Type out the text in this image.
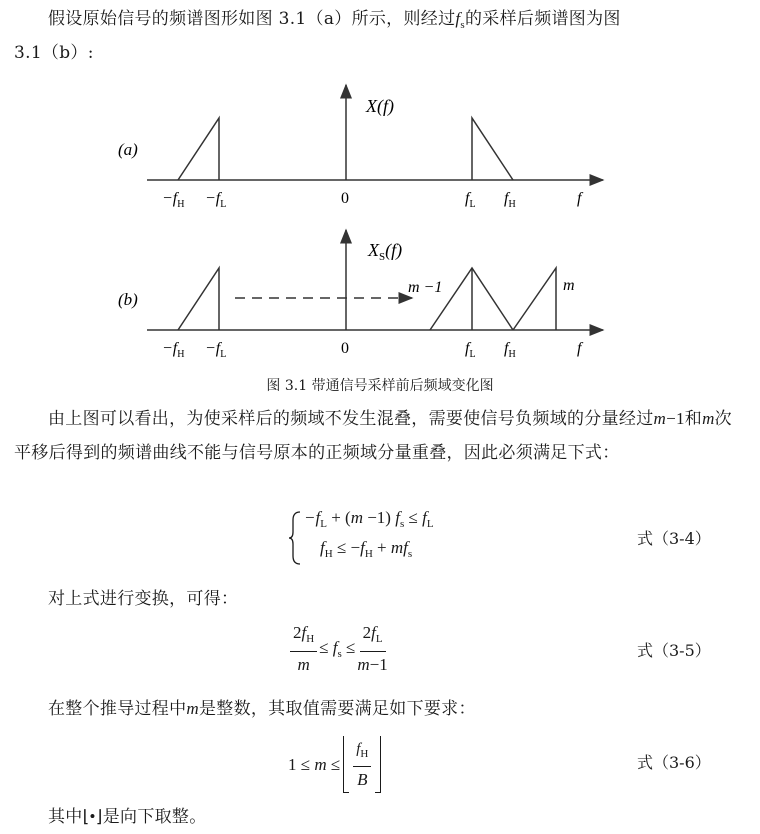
假设原始信号的频谱图形如图 3.1（a）所示，则经过$f_s$的采样后频谱图为图

3.1（b）:
X(f)
(a)
$-f_H -f_L$	0	$f_L$ $f_H$	f
$X_S(f)$
(b)
m −1	m
$-f_H -f_L$	0	$f_L$ $f_H$	f
图 3.1 带通信号采样前后频域变化图
由上图可以看出，为使采样后的频域不发生混叠，需要使信号负频域的分量经过m−1和m次平移后得到的频谱曲线不能与信号原本的正频域分量重叠，因此必须满足下式：
$-f_L + (m -1) f_s \le f_L$
$f_H \le -f_H + mf_s$
式（3-4）
对上式进行变换，可得：
$\frac{2f_H}{m} \le f_s \le \frac{2f_L}{m-1}$	式（3-5）
在整个推导过程中m是整数，其取值需要满足如下要求：
$1 \le m \le \frac{f_H}{B}$	式（3-6）
其中⌊•⌋是向下取整。
